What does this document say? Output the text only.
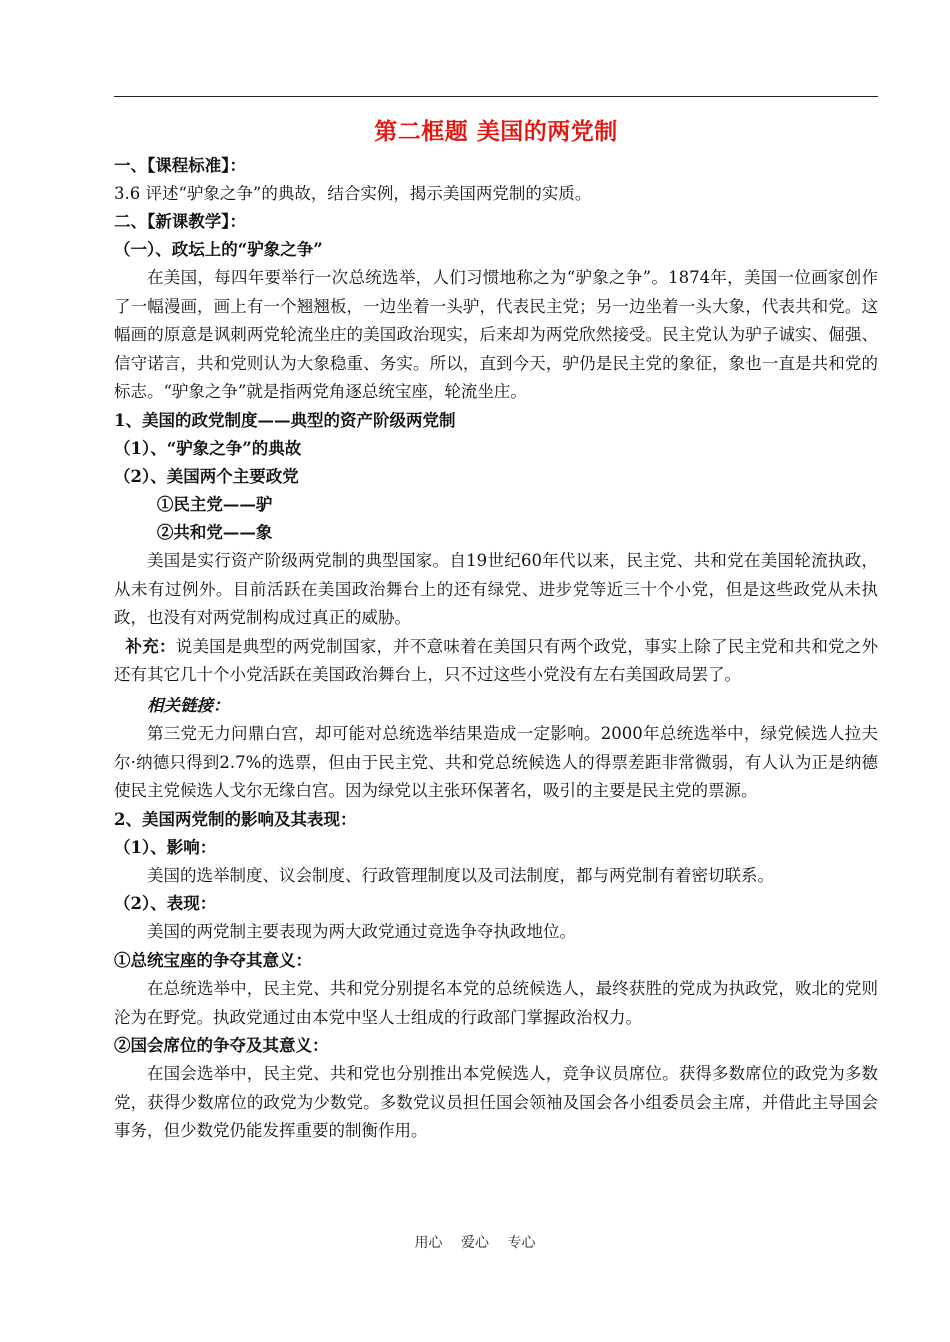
第二框题 美国的两党制

一、【课程标准】：

3.6 评述“驴象之争”的典故，结合实例，揭示美国两党制的实质。

二、【新课教学】：

（一）、政坛上的“驴象之争”

在美国，每四年要举行一次总统选举，人们习惯地称之为“驴象之争”。1874年，美国一位画家创作了一幅漫画，画上有一个翘翘板，一边坐着一头驴，代表民主党；另一边坐着一头大象，代表共和党。这幅画的原意是讽刺两党轮流坐庄的美国政治现实，后来却为两党欣然接受。民主党认为驴子诚实、倔强、信守诺言，共和党则认为大象稳重、务实。所以，直到今天，驴仍是民主党的象征，象也一直是共和党的标志。“驴象之争”就是指两党角逐总统宝座，轮流坐庄。

1、美国的政党制度——典型的资产阶级两党制

（1）、“驴象之争”的典故

（2）、美国两个主要政党

①民主党——驴

②共和党——象

美国是实行资产阶级两党制的典型国家。自19世纪60年代以来，民主党、共和党在美国轮流执政，从未有过例外。目前活跃在美国政治舞台上的还有绿党、进步党等近三十个小党，但是这些政党从未执政，也没有对两党制构成过真正的威胁。

补充：说美国是典型的两党制国家，并不意味着在美国只有两个政党，事实上除了民主党和共和党之外还有其它几十个小党活跃在美国政治舞台上，只不过这些小党没有左右美国政局罢了。

相关链接：

第三党无力问鼎白宫，却可能对总统选举结果造成一定影响。2000年总统选举中，绿党候选人拉夫尔·纳德只得到2.7%的选票，但由于民主党、共和党总统候选人的得票差距非常微弱，有人认为正是纳德使民主党候选人戈尔无缘白宫。因为绿党以主张环保著名，吸引的主要是民主党的票源。

2、美国两党制的影响及其表现：

（1）、影响：

美国的选举制度、议会制度、行政管理制度以及司法制度，都与两党制有着密切联系。

（2）、表现：

美国的两党制主要表现为两大政党通过竞选争夺执政地位。

①总统宝座的争夺其意义：

在总统选举中，民主党、共和党分别提名本党的总统候选人，最终获胜的党成为执政党，败北的党则沦为在野党。执政党通过由本党中坚人士组成的行政部门掌握政治权力。

②国会席位的争夺及其意义：

在国会选举中，民主党、共和党也分别推出本党候选人，竞争议员席位。获得多数席位的政党为多数党，获得少数席位的政党为少数党。多数党议员担任国会领袖及国会各小组委员会主席，并借此主导国会事务，但少数党仍能发挥重要的制衡作用。

用心 爱心 专心
